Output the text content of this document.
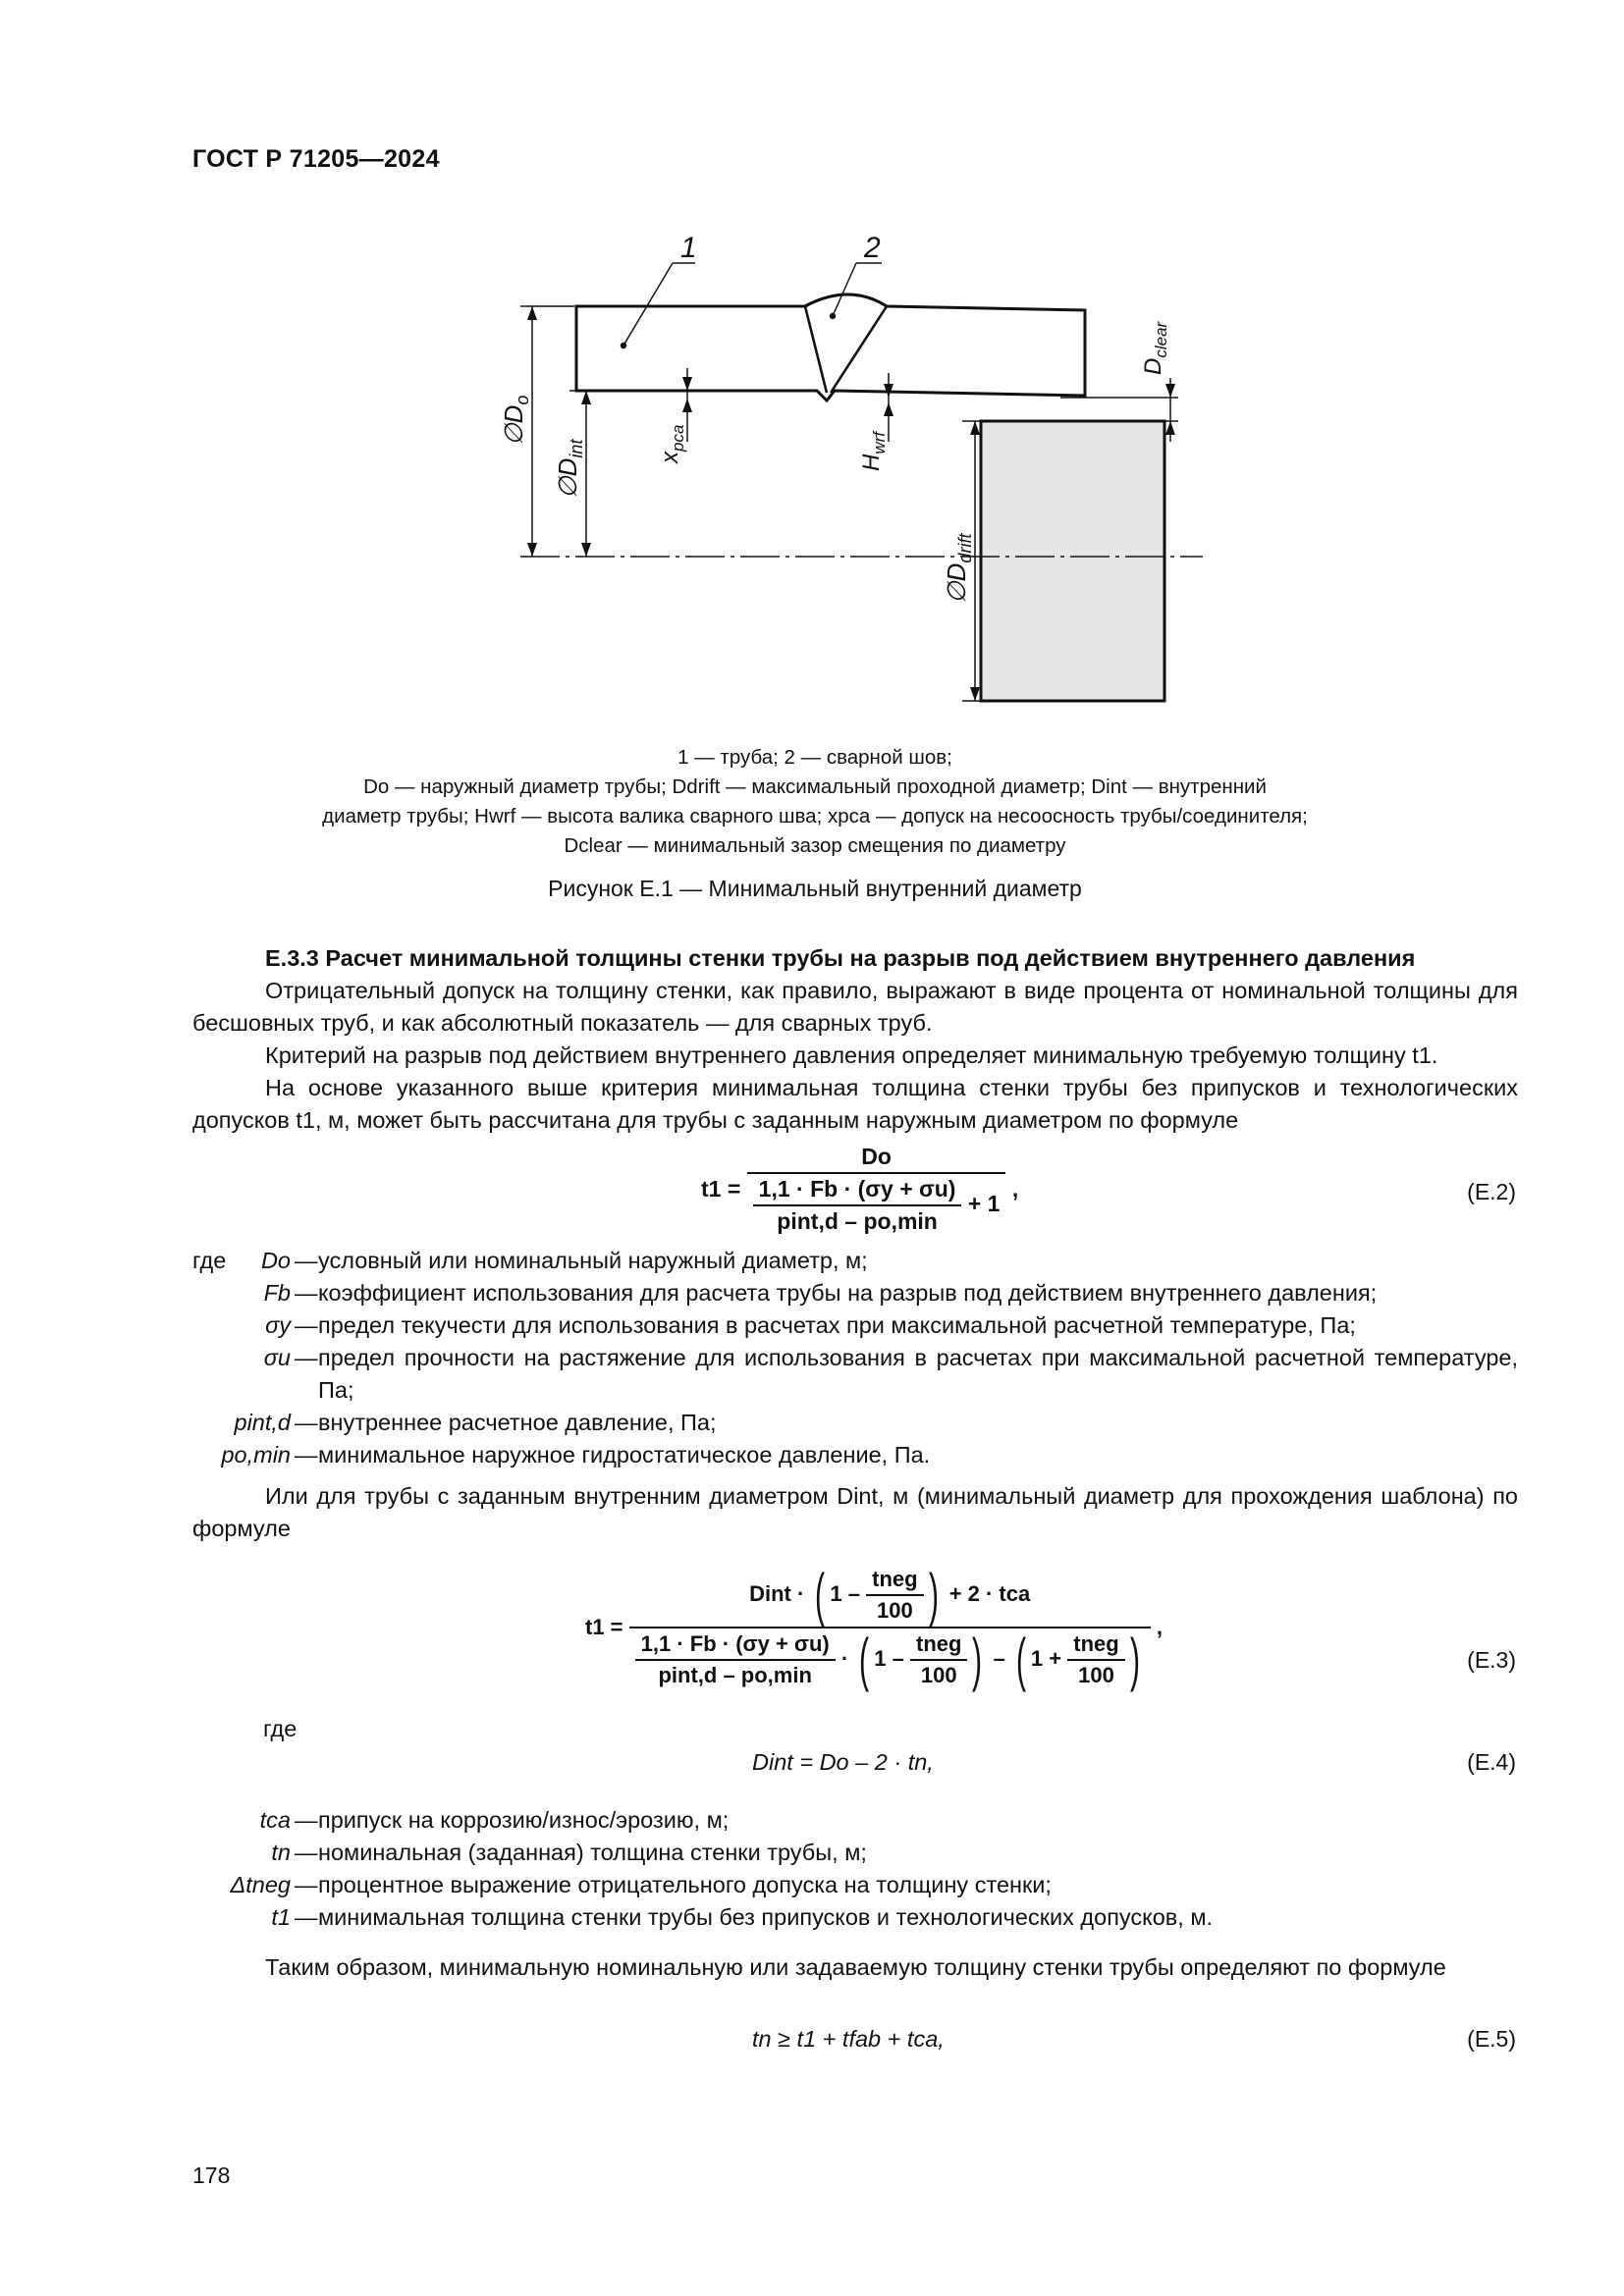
ГОСТ Р 71205—2024
1	2
$\emptyset D_o$
$\emptyset D_{int}$	$x_{pca}$
$H_{wrf}$
$D_{clear}$
$\emptyset D_{drift}$
1 — труба; 2 — сварной шов;
Do — наружный диаметр трубы; Ddrift — максимальный проходной диаметр; Dint — внутренний
диаметр трубы; Hwrf — высота валика сварного шва; xpca — допуск на несоосность трубы/соединителя;
Dclear — минимальный зазор смещения по диаметру
Рисунок Е.1 — Минимальный внутренний диаметр
Е.3.3 Расчет минимальной толщины стенки трубы на разрыв под действием внутреннего давления
Отрицательный допуск на толщину стенки, как правило, выражают в виде процента от номинальной толщины для бесшовных труб, и как абсолютный показатель — для сварных труб.
Критерий на разрыв под действием внутреннего давления определяет минимальную требуемую толщину t1.
На основе указанного выше критерия минимальная толщина стенки трубы без припусков и технологических допусков t1, м, может быть рассчитана для трубы с заданным наружным диаметром по формуле
t1 =
Do
$\frac{1,1 \cdot Fb \cdot (\sigma y + \sigma u)}{\text{pint,d – po,min}} + 1$
,	(Е.2)
где	Do — условный или номинальный наружный диаметр, м;
Fb — коэффициент использования для расчета трубы на разрыв под действием внутреннего давления;
σy — предел текучести для использования в расчетах при максимальной расчетной температуре, Па;
σu — предел прочности на растяжение для использования в расчетах при максимальной расчетной температуре, Па;
pint,d — внутреннее расчетное давление, Па;
po,min — минимальное наружное гидростатическое давление, Па.
Или для трубы с заданным внутренним диаметром Dint, м (минимальный диаметр для прохождения шаблона) по формуле
t1 =
Dint · ( $1 - \frac{\text{tneg}}{100}$ ) + 2 · tca
$\frac{1,1 \cdot Fb \cdot (\sigma y + \sigma u)}{\text{pint,d – po,min}}$ · ( $1 - \frac{\text{tneg}}{100}$ ) – ( $1 + \frac{\text{tneg}}{100}$ ) ,
(Е.3)
где
Dint = Do – 2 · tn,	(Е.4)
tca — припуск на коррозию/износ/эрозию, м;
tn — номинальная (заданная) толщина стенки трубы, м;
Δtneg — процентное выражение отрицательного допуска на толщину стенки;
t1 — минимальная толщина стенки трубы без припусков и технологических допусков, м.
Таким образом, минимальную номинальную или задаваемую толщину стенки трубы определяют по формуле
tn ≥ t1 + tfab + tca,	(Е.5)
178
